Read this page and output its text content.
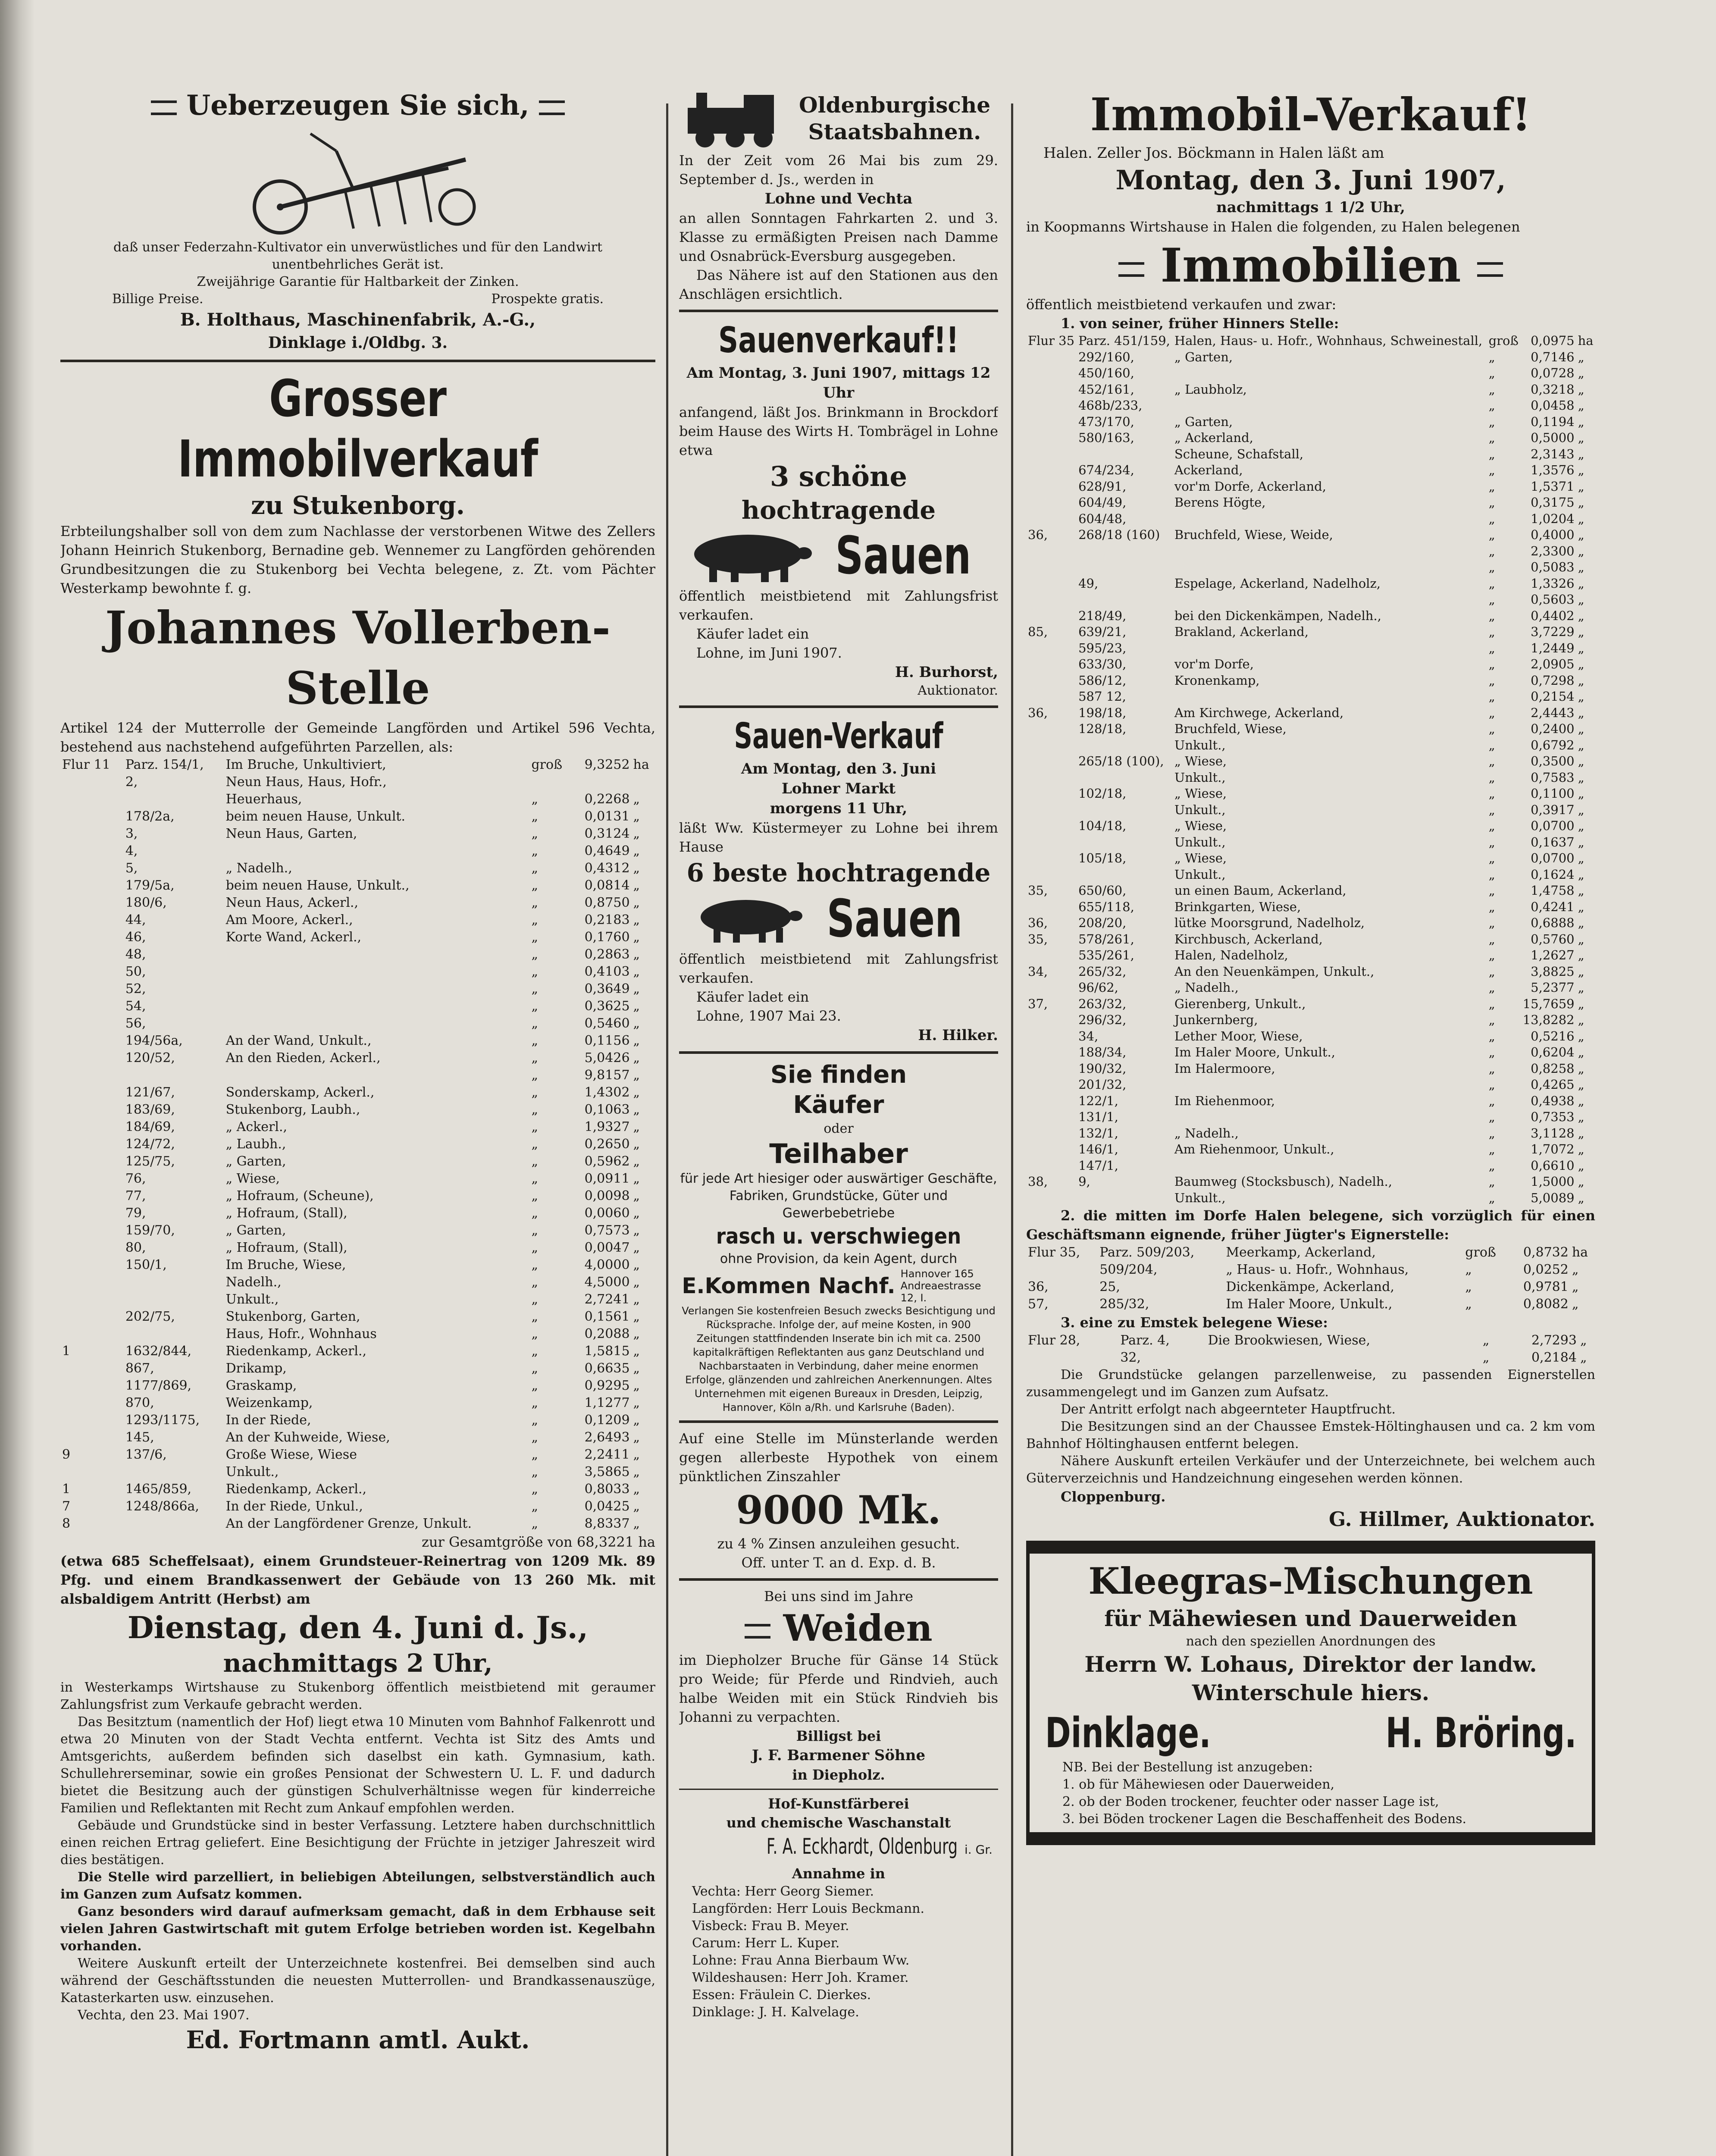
Ueberzeugen Sie sich,
daß unser Federzahn-Kultivator ein unverwüstliches und für den Landwirt unentbehrliches Gerät ist.
Zweijährige Garantie für Haltbarkeit der Zinken.
Billige Preise.	Prospekte gratis.
B. Holthaus, Maschinenfabrik, A.-G.,
Dinklage i./Oldbg. 3.
Grosser Immobilverkauf
zu Stukenborg.
Erbteilungshalber soll von dem zum Nachlasse der verstorbenen Witwe des Zellers Johann Heinrich Stukenborg, Bernadine geb. Wennemer zu Langförden gehörenden Grundbesitzungen die zu Stukenborg bei Vechta belegene, z. Zt. vom Pächter Westerkamp bewohnte f. g.
Johannes Vollerben-Stelle
Artikel 124 der Mutterrolle der Gemeinde Langförden und Artikel 596 Vechta, bestehend aus nachstehend aufgeführten Parzellen, als:
Flur 11	Parz. 154/1,	Im Bruche, Unkultiviert,	groß	9,3252	ha
	2,	Neun Haus, Haus, Hofr.,			
		Heuerhaus,	„	0,2268	„
	178/2a,	beim neuen Hause, Unkult.	„	0,0131	„
	3,	Neun Haus, Garten,	„	0,3124	„
	4,		„	0,4649	„
	5,	„ Nadelh.,	„	0,4312	„
	179/5a,	beim neuen Hause, Unkult.,	„	0,0814	„
	180/6,	Neun Haus, Ackerl.,	„	0,8750	„
	44,	Am Moore, Ackerl.,	„	0,2183	„
	46,	Korte Wand, Ackerl.,	„	0,1760	„
	48,		„	0,2863	„
	50,		„	0,4103	„
	52,		„	0,3649	„
	54,		„	0,3625	„
	56,		„	0,5460	„
	194/56a,	An der Wand, Unkult.,	„	0,1156	„
	120/52,	An den Rieden, Ackerl.,	„	5,0426	„
			„	9,8157	„
	121/67,	Sonderskamp, Ackerl.,	„	1,4302	„
	183/69,	Stukenborg, Laubh.,	„	0,1063	„
	184/69,	„ Ackerl.,	„	1,9327	„
	124/72,	„ Laubh.,	„	0,2650	„
	125/75,	„ Garten,	„	0,5962	„
	76,	„ Wiese,	„	0,0911	„
	77,	„ Hofraum, (Scheune),	„	0,0098	„
	79,	„ Hofraum, (Stall),	„	0,0060	„
	159/70,	„ Garten,	„	0,7573	„
	80,	„ Hofraum, (Stall),	„	0,0047	„
	150/1,	Im Bruche, Wiese,	„	4,0000	„
		Nadelh.,	„	4,5000	„
		Unkult.,	„	2,7241	„
	202/75,	Stukenborg, Garten,	„	0,1561	„
		Haus, Hofr., Wohnhaus	„	0,2088	„
1	1632/844,	Riedenkamp, Ackerl.,	„	1,5815	„
	867,	Drikamp,	„	0,6635	„
	1177/869,	Graskamp,	„	0,9295	„
	870,	Weizenkamp,	„	1,1277	„
	1293/1175,	In der Riede,	„	0,1209	„
	145,	An der Kuhweide, Wiese,	„	2,6493	„
9	137/6,	Große Wiese, Wiese	„	2,2411	„
		Unkult.,	„	3,5865	„
1	1465/859,	Riedenkamp, Ackerl.,	„	0,8033	„
7	1248/866a,	In der Riede, Unkul.,	„	0,0425	„
8		An der Langfördener Grenze, Unkult.	„	8,8337	„
zur Gesamtgröße von 68,3221 ha
(etwa 685 Scheffelsaat), einem Grundsteuer-Reinertrag von 1209 Mk. 89 Pfg. und einem Brandkassenwert der Gebäude von 13 260 Mk. mit alsbaldigem Antritt (Herbst) am
Dienstag, den 4. Juni d. Js.,
nachmittags 2 Uhr,
in Westerkamps Wirtshause zu Stukenborg öffentlich meistbietend mit geraumer Zahlungsfrist zum Verkaufe gebracht werden.
Das Besitztum (namentlich der Hof) liegt etwa 10 Minuten vom Bahnhof Falkenrott und etwa 20 Minuten von der Stadt Vechta entfernt. Vechta ist Sitz des Amts und Amtsgerichts, außerdem befinden sich daselbst ein kath. Gymnasium, kath. Schullehrerseminar, sowie ein großes Pensionat der Schwestern U. L. F. und dadurch bietet die Besitzung auch der günstigen Schulverhältnisse wegen für kinderreiche Familien und Reflektanten mit Recht zum Ankauf empfohlen werden.
Gebäude und Grundstücke sind in bester Verfassung. Letztere haben durchschnittlich einen reichen Ertrag geliefert. Eine Besichtigung der Früchte in jetziger Jahreszeit wird dies bestätigen.
Die Stelle wird parzelliert, in beliebigen Abteilungen, selbstverständlich auch im Ganzen zum Aufsatz kommen.
Ganz besonders wird darauf aufmerksam gemacht, daß in dem Erbhause seit vielen Jahren Gastwirtschaft mit gutem Erfolge betrieben worden ist. Kegelbahn vorhanden.
Weitere Auskunft erteilt der Unterzeichnete kostenfrei. Bei demselben sind auch während der Geschäftsstunden die neuesten Mutterrollen- und Brandkassenauszüge, Katasterkarten usw. einzusehen.
Vechta, den 23. Mai 1907.
Ed. Fortmann amtl. Aukt.
Oldenburgische
Staatsbahnen.
In der Zeit vom 26 Mai bis zum 29. September d. Js., werden in
Lohne und Vechta
an allen Sonntagen Fahrkarten 2. und 3. Klasse zu ermäßigten Preisen nach Damme und Osnabrück-Eversburg ausgegeben.
Das Nähere ist auf den Stationen aus den Anschlägen ersichtlich.
Sauenverkauf!!
Am Montag, 3. Juni 1907, mittags 12 Uhr
anfangend, läßt Jos. Brinkmann in Brockdorf beim Hause des Wirts H. Tombrägel in Lohne etwa
3 schöne
hochtragende
Sauen
öffentlich meistbietend mit Zahlungsfrist verkaufen.
Käufer ladet ein
Lohne, im Juni 1907.
H. Burhorst,
Auktionator.
Sauen-Verkauf
Am Montag, den 3. Juni
Lohner Markt
morgens 11 Uhr,
läßt Ww. Küstermeyer zu Lohne bei ihrem Hause
6 beste hochtragende
Sauen
öffentlich meistbietend mit Zahlungsfrist verkaufen.
Käufer ladet ein
Lohne, 1907 Mai 23.
H. Hilker.
Sie finden
Käufer
oder
Teilhaber
für jede Art hiesiger oder auswärtiger Geschäfte, Fabriken, Grundstücke, Güter und Gewerbebetriebe
rasch u. verschwiegen
ohne Provision, da kein Agent, durch
E.Kommen Nachf. Hannover 165 Andreaestrasse 12, I.
Verlangen Sie kostenfreien Besuch zwecks Besichtigung und Rücksprache. Infolge der, auf meine Kosten, in 900 Zeitungen stattfindenden Inserate bin ich mit ca. 2500 kapitalkräftigen Reflektanten aus ganz Deutschland und Nachbarstaaten in Verbindung, daher meine enormen Erfolge, glänzenden und zahlreichen Anerkennungen. Altes Unternehmen mit eigenen Bureaux in Dresden, Leipzig, Hannover, Köln a/Rh. und Karlsruhe (Baden).
Auf eine Stelle im Münsterlande werden gegen allerbeste Hypothek von einem pünktlichen Zinszahler
9000 Mk.
zu 4 % Zinsen anzuleihen gesucht.
Off. unter T. an d. Exp. d. B.
Bei uns sind im Jahre
Weiden
im Diepholzer Bruche für Gänse 14 Stück pro Weide; für Pferde und Rindvieh, auch halbe Weiden mit ein Stück Rindvieh bis Johanni zu verpachten.
Billigst bei
J. F. Barmener Söhne
in Diepholz.
Hof-Kunstfärberei
und chemische Waschanstalt
F. A. Eckhardt, Oldenburg i. Gr.
Annahme in
Vechta: Herr Georg Siemer.
Langförden: Herr Louis Beckmann.
Visbeck: Frau B. Meyer.
Carum: Herr L. Kuper.
Lohne: Frau Anna Bierbaum Ww.
Wildeshausen: Herr Joh. Kramer.
Essen: Fräulein C. Dierkes.
Dinklage: J. H. Kalvelage.
Immobil-Verkauf!
Halen. Zeller Jos. Böckmann in Halen läßt am
Montag, den 3. Juni 1907,
nachmittags 1 1/2 Uhr,
in Koopmanns Wirtshause in Halen die folgenden, zu Halen belegenen
Immobilien
öffentlich meistbietend verkaufen und zwar:
1. von seiner, früher Hinners Stelle:
Flur 35	Parz. 451/159,	Halen, Haus- u. Hofr., Wohnhaus, Schweinestall,	groß	0,0975	ha
	292/160,	„ Garten,	„	0,7146	„
	450/160,		„	0,0728	„
	452/161,	„ Laubholz,	„	0,3218	„
	468b/233,		„	0,0458	„
	473/170,	„ Garten,	„	0,1194	„
	580/163,	„ Ackerland,	„	0,5000	„
		Scheune, Schafstall,	„	2,3143	„
	674/234,	Ackerland,	„	1,3576	„
	628/91,	vor'm Dorfe, Ackerland,	„	1,5371	„
	604/49,	Berens Högte,	„	0,3175	„
	604/48,		„	1,0204	„
36,	268/18 (160)	Bruchfeld, Wiese, Weide,	„	0,4000	„
			„	2,3300	„
			„	0,5083	„
	49,	Espelage, Ackerland, Nadelholz,	„	1,3326	„
			„	0,5603	„
	218/49,	bei den Dickenkämpen, Nadelh.,	„	0,4402	„
85,	639/21,	Brakland, Ackerland,	„	3,7229	„
	595/23,		„	1,2449	„
	633/30,	vor'm Dorfe,	„	2,0905	„
	586/12,	Kronenkamp,	„	0,7298	„
	587 12,		„	0,2154	„
36,	198/18,	Am Kirchwege, Ackerland,	„	2,4443	„
	128/18,	Bruchfeld, Wiese,	„	0,2400	„
		Unkult.,	„	0,6792	„
	265/18 (100),	„ Wiese,	„	0,3500	„
		Unkult.,	„	0,7583	„
	102/18,	„ Wiese,	„	0,1100	„
		Unkult.,	„	0,3917	„
	104/18,	„ Wiese,	„	0,0700	„
		Unkult.,	„	0,1637	„
	105/18,	„ Wiese,	„	0,0700	„
		Unkult.,	„	0,1624	„
35,	650/60,	un einen Baum, Ackerland,	„	1,4758	„
	655/118,	Brinkgarten, Wiese,	„	0,4241	„
36,	208/20,	lütke Moorsgrund, Nadelholz,	„	0,6888	„
35,	578/261,	Kirchbusch, Ackerland,	„	0,5760	„
	535/261,	Halen, Nadelholz,	„	1,2627	„
34,	265/32,	An den Neuenkämpen, Unkult.,	„	3,8825	„
	96/62,	„ Nadelh.,	„	5,2377	„
37,	263/32,	Gierenberg, Unkult.,	„	15,7659	„
	296/32,	Junkernberg,	„	13,8282	„
	34,	Lether Moor, Wiese,	„	0,5216	„
	188/34,	Im Haler Moore, Unkult.,	„	0,6204	„
	190/32,	Im Halermoore,	„	0,8258	„
	201/32,		„	0,4265	„
	122/1,	Im Riehenmoor,	„	0,4938	„
	131/1,		„	0,7353	„
	132/1,	„ Nadelh.,	„	3,1128	„
	146/1,	Am Riehenmoor, Unkult.,	„	1,7072	„
	147/1,		„	0,6610	„
38,	9,	Baumweg (Stocksbusch), Nadelh.,	„	1,5000	„
		Unkult.,	„	5,0089	„
2. die mitten im Dorfe Halen belegene, sich vorzüglich für einen Geschäftsmann eignende, früher Jügter's Eignerstelle:
Flur 35,	Parz. 509/203,	Meerkamp, Ackerland,	groß	0,8732	ha
	509/204,	„ Haus- u. Hofr., Wohnhaus,	„	0,0252	„
36,	25,	Dickenkämpe, Ackerland,	„	0,9781	„
57,	285/32,	Im Haler Moore, Unkult.,	„	0,8082	„
3. eine zu Emstek belegene Wiese:
Flur 28,	Parz. 4,	Die Brookwiesen, Wiese,	„	2,7293	„
	32,		„	0,2184	„
Die Grundstücke gelangen parzellenweise, zu passenden Eignerstellen zusammengelegt und im Ganzen zum Aufsatz.
Der Antritt erfolgt nach abgeernteter Hauptfrucht.
Die Besitzungen sind an der Chaussee Emstek-Höltinghausen und ca. 2 km vom Bahnhof Höltinghausen entfernt belegen.
Nähere Auskunft erteilen Verkäufer und der Unterzeichnete, bei welchem auch Güterverzeichnis und Handzeichnung eingesehen werden können.
Cloppenburg.
G. Hillmer, Auktionator.
Kleegras-Mischungen
für Mähewiesen und Dauerweiden
nach den speziellen Anordnungen des
Herrn W. Lohaus, Direktor der landw. Winterschule hiers.
Dinklage.	H. Bröring.
NB. Bei der Bestellung ist anzugeben:
1. ob für Mähewiesen oder Dauerweiden,
2. ob der Boden trockener, feuchter oder nasser Lage ist,
3. bei Böden trockener Lagen die Beschaffenheit des Bodens.
